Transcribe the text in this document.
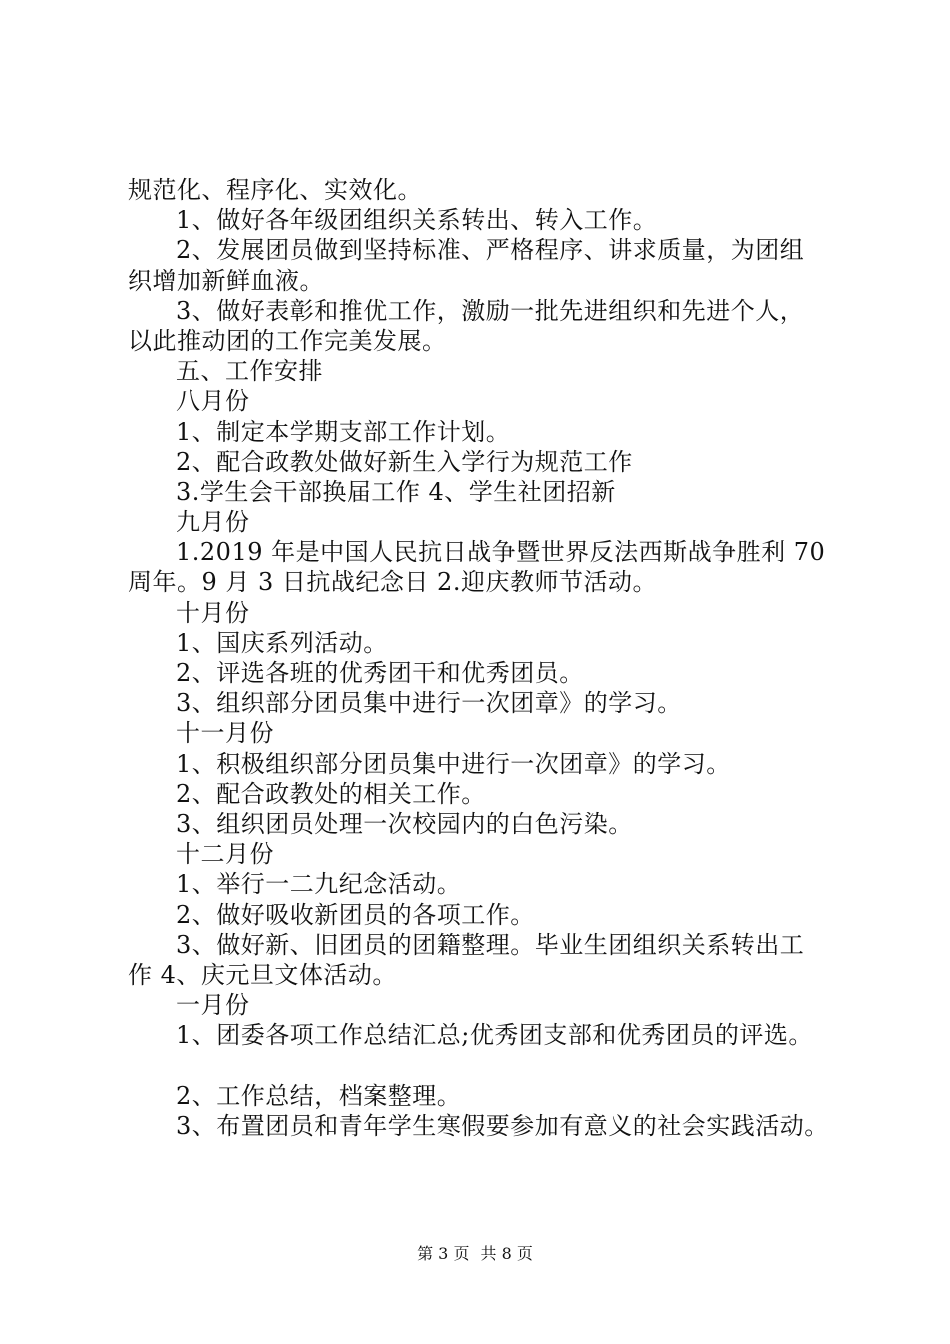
规范化、程序化、实效化。
1、做好各年级团组织关系转出、转入工作。
2、发展团员做到坚持标准、严格程序、讲求质量，为团组
织增加新鲜血液。
3、做好表彰和推优工作，激励一批先进组织和先进个人，
以此推动团的工作完美发展。
五、工作安排
八月份
1、制定本学期支部工作计划。
2、配合政教处做好新生入学行为规范工作
3.学生会干部换届工作 4、学生社团招新
九月份
1.2019 年是中国人民抗日战争暨世界反法西斯战争胜利 70
周年。9 月 3 日抗战纪念日 2.迎庆教师节活动。
十月份
1、国庆系列活动。
2、评选各班的优秀团干和优秀团员。
3、组织部分团员集中进行一次团章》的学习。
十一月份
1、积极组织部分团员集中进行一次团章》的学习。
2、配合政教处的相关工作。
3、组织团员处理一次校园内的白色污染。
十二月份
1、举行一二九纪念活动。
2、做好吸收新团员的各项工作。
3、做好新、旧团员的团籍整理。毕业生团组织关系转出工
作 4、庆元旦文体活动。
一月份
1、团委各项工作总结汇总;优秀团支部和优秀团员的评选。
2、工作总结，档案整理。
3、布置团员和青年学生寒假要参加有意义的社会实践活动。
第 3 页 共 8 页
